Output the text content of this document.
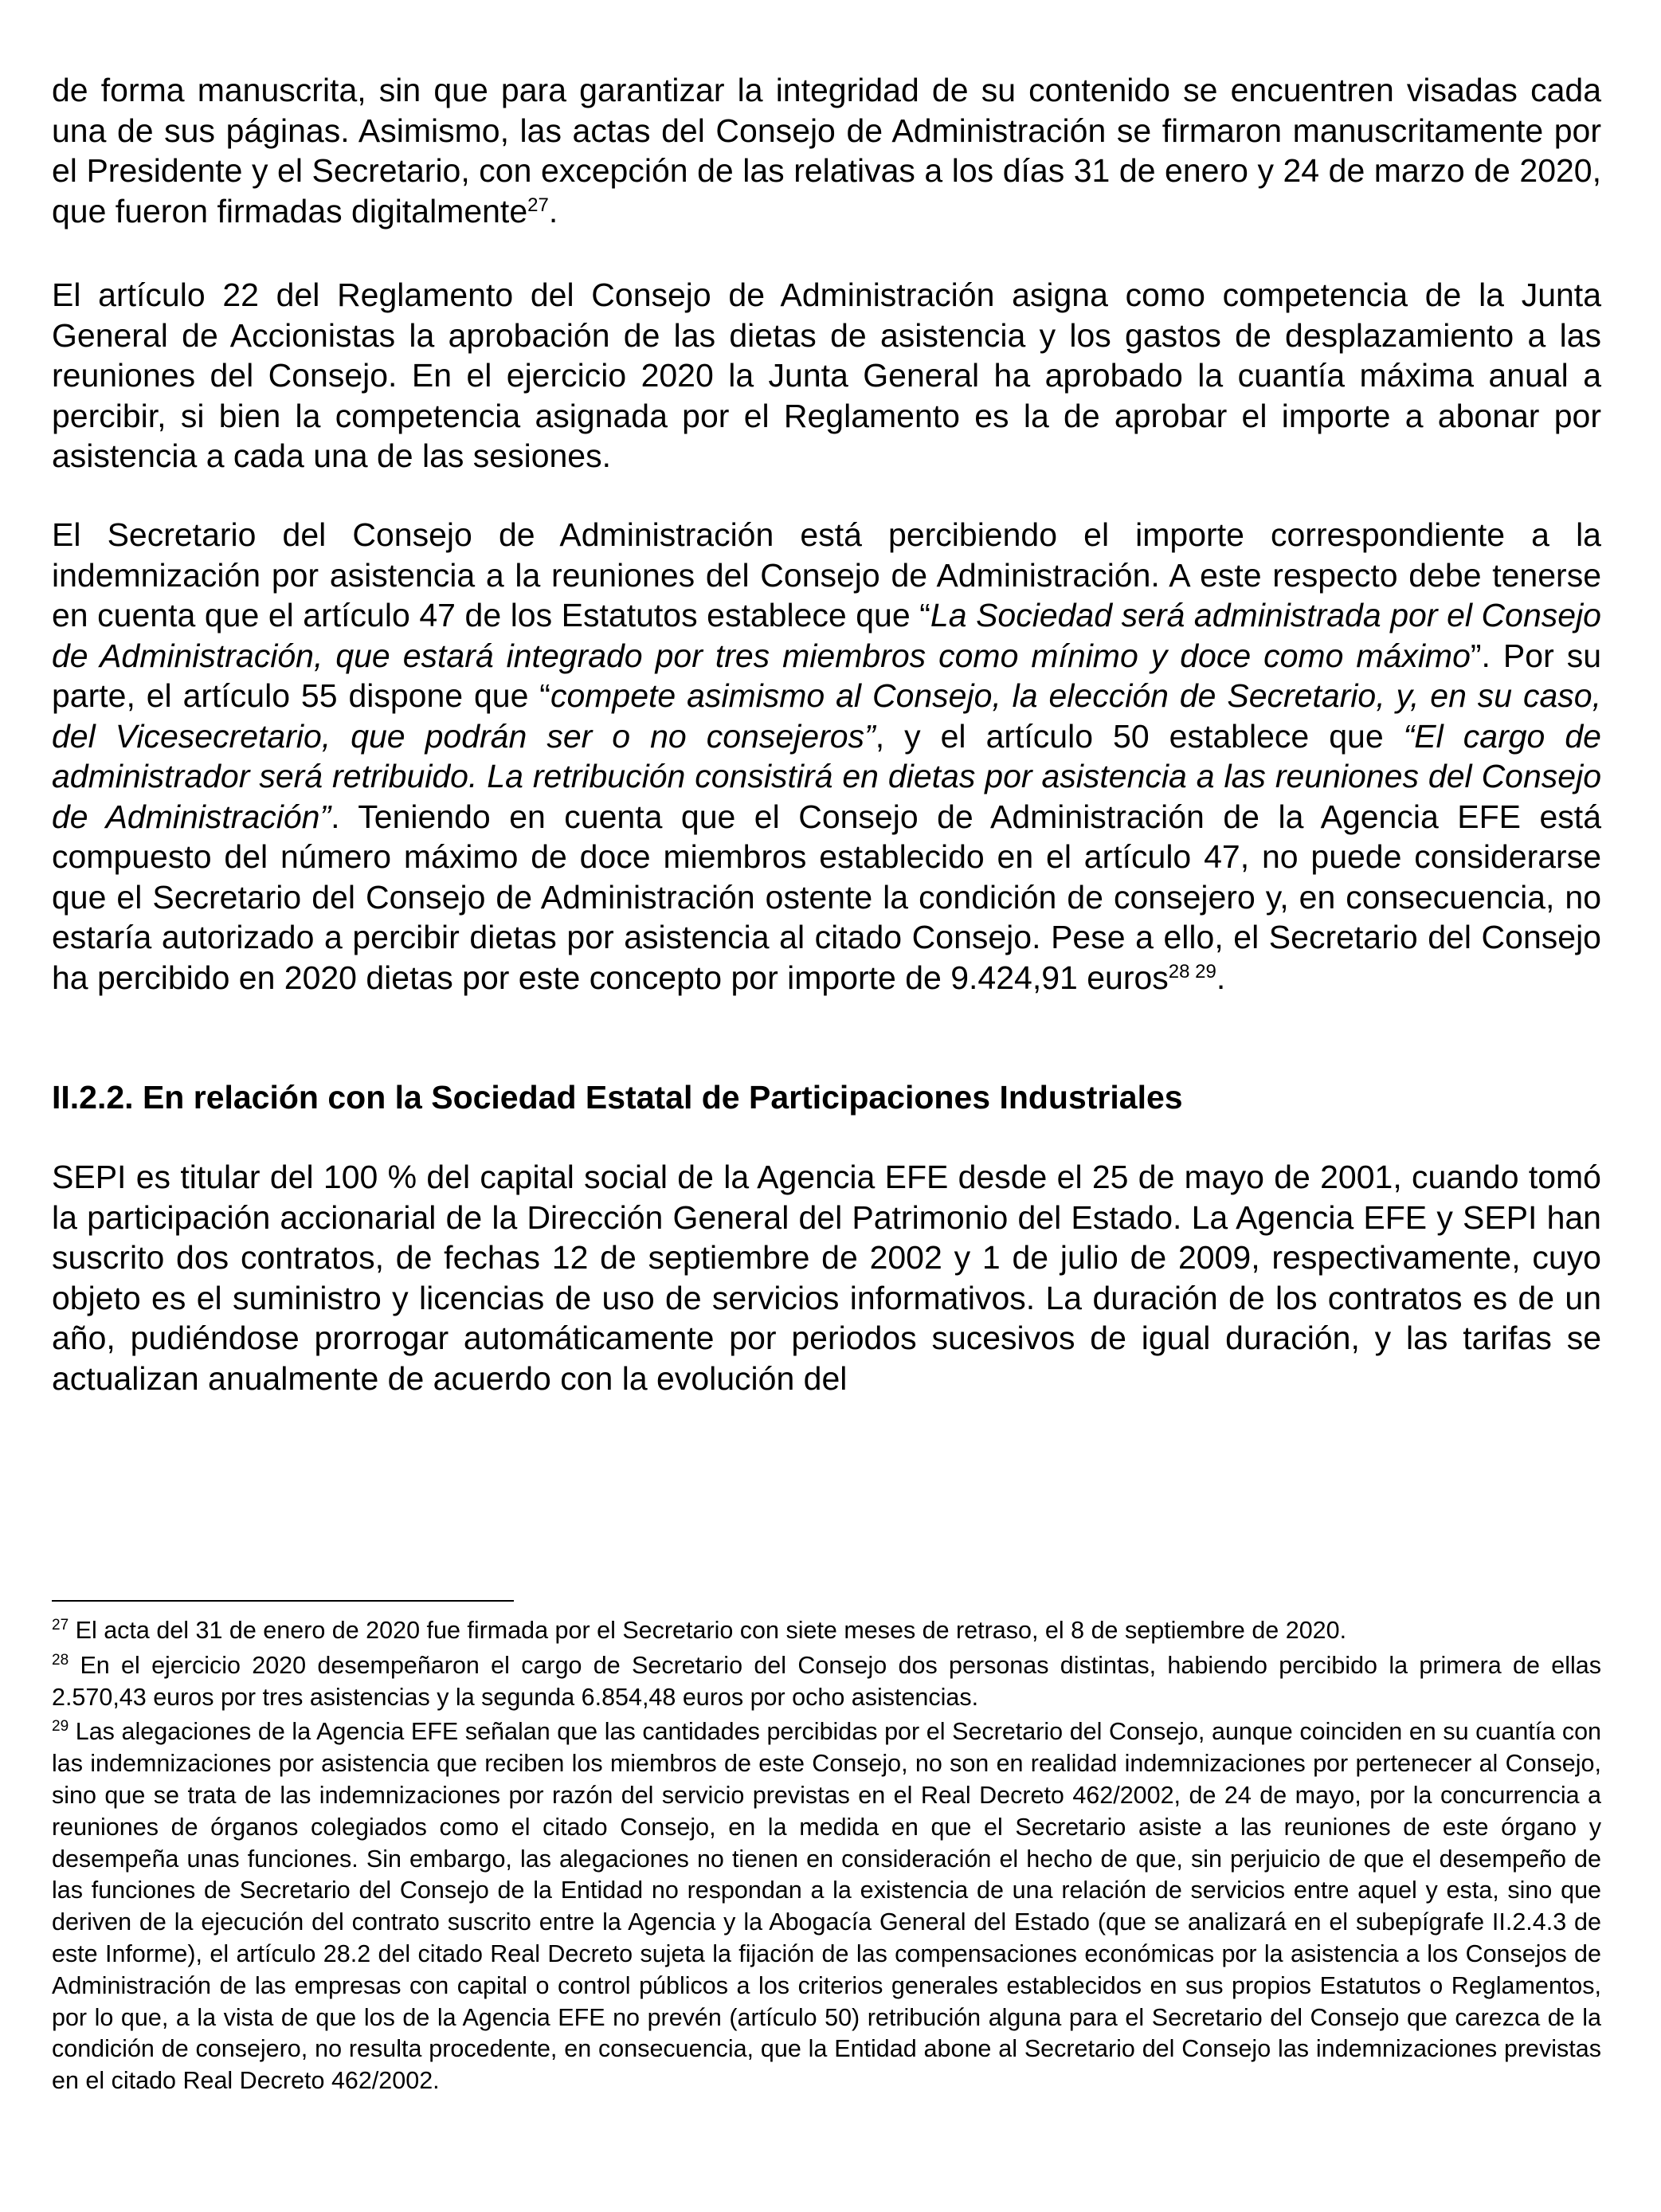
de forma manuscrita, sin que para garantizar la integridad de su contenido se encuentren visadas cada una de sus páginas. Asimismo, las actas del Consejo de Administración se firmaron manuscritamente por el Presidente y el Secretario, con excepción de las relativas a los días 31 de enero y 24 de marzo de 2020, que fueron firmadas digitalmente$^{27}$.

El artículo 22 del Reglamento del Consejo de Administración asigna como competencia de la Junta General de Accionistas la aprobación de las dietas de asistencia y los gastos de desplazamiento a las reuniones del Consejo. En el ejercicio 2020 la Junta General ha aprobado la cuantía máxima anual a percibir, si bien la competencia asignada por el Reglamento es la de aprobar el importe a abonar por asistencia a cada una de las sesiones.

El Secretario del Consejo de Administración está percibiendo el importe correspondiente a la indemnización por asistencia a la reuniones del Consejo de Administración. A este respecto debe tenerse en cuenta que el artículo 47 de los Estatutos establece que “La Sociedad será administrada por el Consejo de Administración, que estará integrado por tres miembros como mínimo y doce como máximo”. Por su parte, el artículo 55 dispone que “compete asimismo al Consejo, la elección de Secretario, y, en su caso, del Vicesecretario, que podrán ser o no consejeros”, y el artículo 50 establece que “El cargo de administrador será retribuido. La retribución consistirá en dietas por asistencia a las reuniones del Consejo de Administración”. Teniendo en cuenta que el Consejo de Administración de la Agencia EFE está compuesto del número máximo de doce miembros establecido en el artículo 47, no puede considerarse que el Secretario del Consejo de Administración ostente la condición de consejero y, en consecuencia, no estaría autorizado a percibir dietas por asistencia al citado Consejo. Pese a ello, el Secretario del Consejo ha percibido en 2020 dietas por este concepto por importe de 9.424,91 euros$^{28}$ $^{29}$.

II.2.2. En relación con la Sociedad Estatal de Participaciones Industriales

SEPI es titular del 100 % del capital social de la Agencia EFE desde el 25 de mayo de 2001, cuando tomó la participación accionarial de la Dirección General del Patrimonio del Estado. La Agencia EFE y SEPI han suscrito dos contratos, de fechas 12 de septiembre de 2002 y 1 de julio de 2009, respectivamente, cuyo objeto es el suministro y licencias de uso de servicios informativos. La duración de los contratos es de un año, pudiéndose prorrogar automáticamente por periodos sucesivos de igual duración, y las tarifas se actualizan anualmente de acuerdo con la evolución del

$^{27}$ El acta del 31 de enero de 2020 fue firmada por el Secretario con siete meses de retraso, el 8 de septiembre de 2020.

$^{28}$ En el ejercicio 2020 desempeñaron el cargo de Secretario del Consejo dos personas distintas, habiendo percibido la primera de ellas 2.570,43 euros por tres asistencias y la segunda 6.854,48 euros por ocho asistencias.

$^{29}$ Las alegaciones de la Agencia EFE señalan que las cantidades percibidas por el Secretario del Consejo, aunque coinciden en su cuantía con las indemnizaciones por asistencia que reciben los miembros de este Consejo, no son en realidad indemnizaciones por pertenecer al Consejo, sino que se trata de las indemnizaciones por razón del servicio previstas en el Real Decreto 462/2002, de 24 de mayo, por la concurrencia a reuniones de órganos colegiados como el citado Consejo, en la medida en que el Secretario asiste a las reuniones de este órgano y desempeña unas funciones. Sin embargo, las alegaciones no tienen en consideración el hecho de que, sin perjuicio de que el desempeño de las funciones de Secretario del Consejo de la Entidad no respondan a la existencia de una relación de servicios entre aquel y esta, sino que deriven de la ejecución del contrato suscrito entre la Agencia y la Abogacía General del Estado (que se analizará en el subepígrafe II.2.4.3 de este Informe), el artículo 28.2 del citado Real Decreto sujeta la fijación de las compensaciones económicas por la asistencia a los Consejos de Administración de las empresas con capital o control públicos a los criterios generales establecidos en sus propios Estatutos o Reglamentos, por lo que, a la vista de que los de la Agencia EFE no prevén (artículo 50) retribución alguna para el Secretario del Consejo que carezca de la condición de consejero, no resulta procedente, en consecuencia, que la Entidad abone al Secretario del Consejo las indemnizaciones previstas en el citado Real Decreto 462/2002.
